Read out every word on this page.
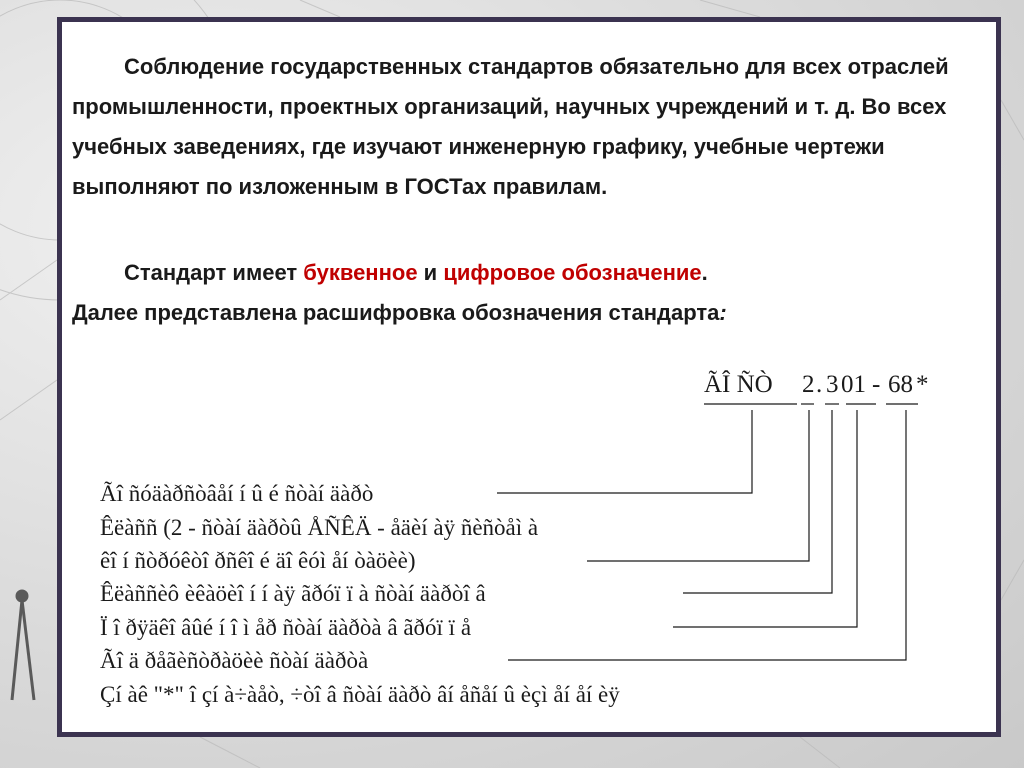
Соблюдение государственных стандартов обязательно для всех отраслей промышленности, проектных организаций, научных учреждений и т. д. Во всех учебных заведениях, где изучают инженерную графику, учебные чертежи выполняют по изложенным в ГОСТах правилам.

Стандарт имеет буквенное и цифровое обозначение.
Далее представлена расшифровка обозначения стандарта:

ÃÎ ÑÒ 2 . 3 01 - 68 *
Ãî ñóäàðñòâåí í û é ñòàí äàðò
Êëàññ (2 - ñòàí äàðòû ÅÑÊÄ - åäèí àÿ ñèñòåì à
êî í ñòðóêòî ðñêî é äî êóì åí òàöèè)
Êëàññèô èêàöèî í í àÿ ãðóï ï à ñòàí äàðòî â
Ï î ðÿäêî âûé í î ì åð ñòàí äàðòà â ãðóï ï å
Ãî ä ðåãèñòðàöèè ñòàí äàðòà
Çí àê "*" î çí à÷àåò, ÷òî â ñòàí äàðò âí åñåí û èçì åí åí èÿ
